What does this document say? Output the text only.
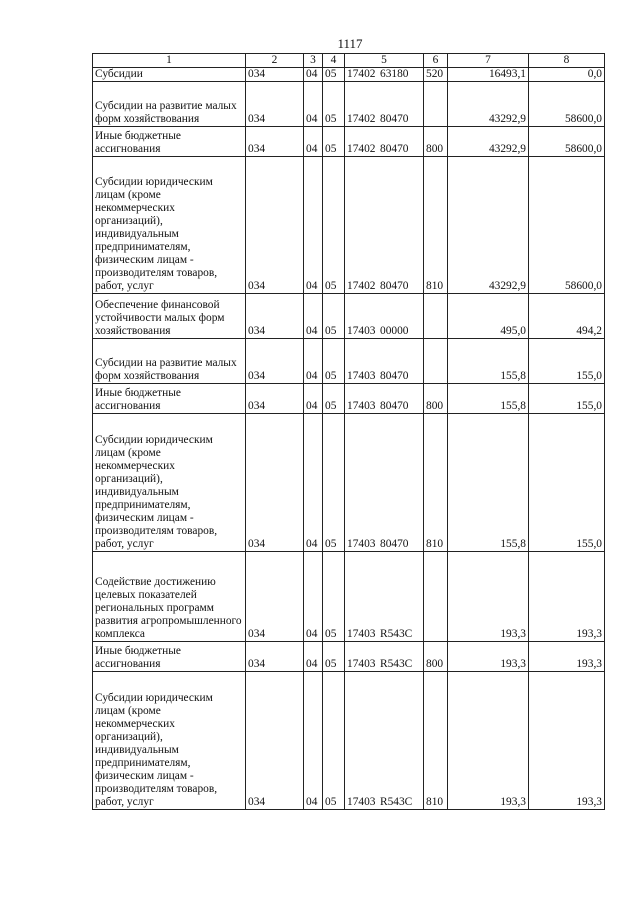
1117
1	2	3	4	5	6	7	8
Субсидии	034	04	05	17402 63180	520	16493,1	0,0
Субсидии на развитие малых форм хозяйствования	034	04	05	17402 80470		43292,9	58600,0
Иные бюджетные ассигнования	034	04	05	17402 80470	800	43292,9	58600,0
Субсидии юридическим лицам (кроме некоммерческих организаций), индивидуальным предпринимателям, физическим лицам - производителям товаров, работ, услуг	034	04	05	17402 80470	810	43292,9	58600,0
Обеспечение финансовой устойчивости малых форм хозяйствования	034	04	05	17403 00000		495,0	494,2
Субсидии на развитие малых форм хозяйствования	034	04	05	17403 80470		155,8	155,0
Иные бюджетные ассигнования	034	04	05	17403 80470	800	155,8	155,0
Субсидии юридическим лицам (кроме некоммерческих организаций), индивидуальным предпринимателям, физическим лицам - производителям товаров, работ, услуг	034	04	05	17403 80470	810	155,8	155,0
Содействие достижению целевых показателей региональных программ развития агропромышленного комплекса	034	04	05	17403 R543C		193,3	193,3
Иные бюджетные ассигнования	034	04	05	17403 R543C	800	193,3	193,3
Субсидии юридическим лицам (кроме некоммерческих организаций), индивидуальным предпринимателям, физическим лицам - производителям товаров, работ, услуг	034	04	05	17403 R543C	810	193,3	193,3
